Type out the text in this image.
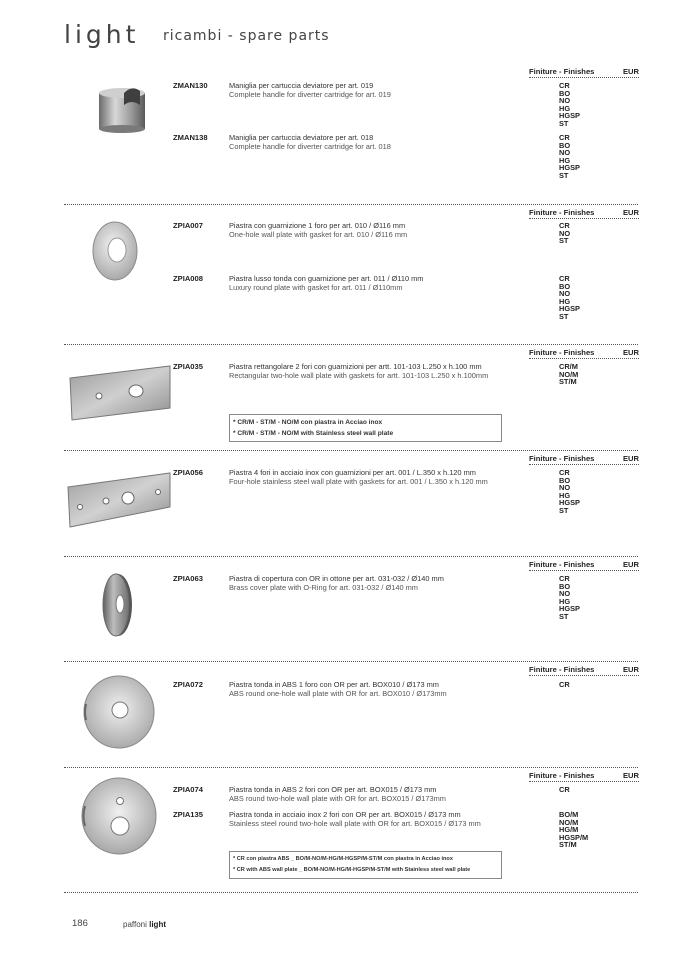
light ricambi - spare parts
Finiture - Finishes	EUR
ZMAN130	Maniglia per cartuccia deviatore per art. 019
Complete handle for diverter cartridge for art. 019
CR
BO
NO
HG
HGSP
ST
ZMAN138	Maniglia per cartuccia deviatore per art. 018
Complete handle for diverter cartridge for art. 018
CR
BO
NO
HG
HGSP
ST
Finiture - Finishes	EUR
ZPIA007	Piastra con guarnizione 1 foro per art. 010 / Ø116 mm
One-hole wall plate with gasket for art. 010 / Ø116 mm
CR
NO
ST
ZPIA008	Piastra lusso tonda con guarnizione per art. 011 / Ø110 mm
Luxury round plate with gasket for art. 011 / Ø110mm
CR
BO
NO
HG
HGSP
ST
Finiture - Finishes	EUR
ZPIA035	Piastra rettangolare 2 fori con guarnizioni per artt. 101-103 L.250 x h.100 mm
Rectangular two-hole wall plate with gaskets for artt. 101-103 L.250 x h.100mm
CR/M
NO/M
ST/M
* CR/M - ST/M - NO/M con piastra in Acciao inox
* CR/M - ST/M - NO/M with Stainless steel wall plate
Finiture - Finishes	EUR
ZPIA056	Piastra 4 fori in acciaio inox con guarnizioni per art. 001 / L.350 x h.120 mm
Four-hole stainless steel wall plate with gaskets for art. 001 / L.350 x h.120 mm
CR
BO
NO
HG
HGSP
ST
Finiture - Finishes	EUR
ZPIA063	Piastra di copertura con OR in ottone per art. 031-032 / Ø140 mm
Brass cover plate with O-Ring for art. 031-032 / Ø140 mm
CR
BO
NO
HG
HGSP
ST
Finiture - Finishes	EUR
ZPIA072	Piastra tonda in ABS 1 foro con OR per art. BOX010 / Ø173 mm
ABS round one-hole wall plate with OR for art. BOX010 / Ø173mm
CR
Finiture - Finishes	EUR
ZPIA074	Piastra tonda in ABS 2 fori con OR per art. BOX015 / Ø173 mm
ABS round two-hole wall plate with OR for art. BOX015 / Ø173mm
CR
ZPIA135	Piastra tonda in acciaio inox 2 fori con OR per art. BOX015 / Ø173 mm
Stainless steel round two-hole wall plate with OR for art. BOX015 / Ø173 mm
BO/M
NO/M
HG/M
HGSP/M
ST/M
* CR con piastra ABS _ BO/M-NO/M-HG/M-HGSP/M-ST/M con piastra in Acciao inox
* CR with ABS wall plate _ BO/M-NO/M-HG/M-HGSP/M-ST/M with Stainless steel wall plate
186	paffoni light
